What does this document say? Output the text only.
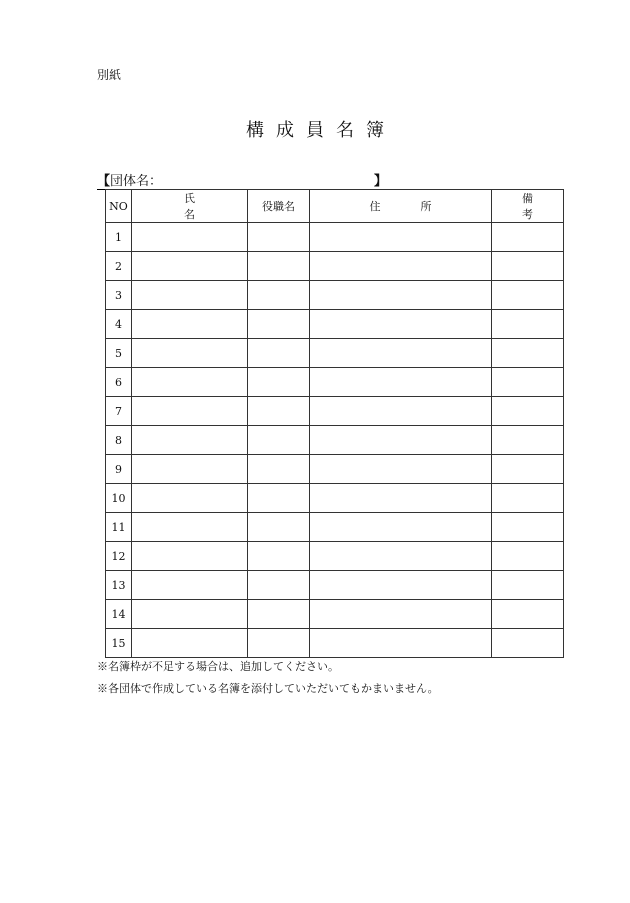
別紙
構成員名簿
【団体名：	】
NO	氏名	役職名	住所	備考
1				
2				
3				
4				
5				
6				
7				
8				
9				
10				
11				
12				
13				
14				
15				
※名簿枠が不足する場合は、追加してください。
※各団体で作成している名簿を添付していただいてもかまいません。
